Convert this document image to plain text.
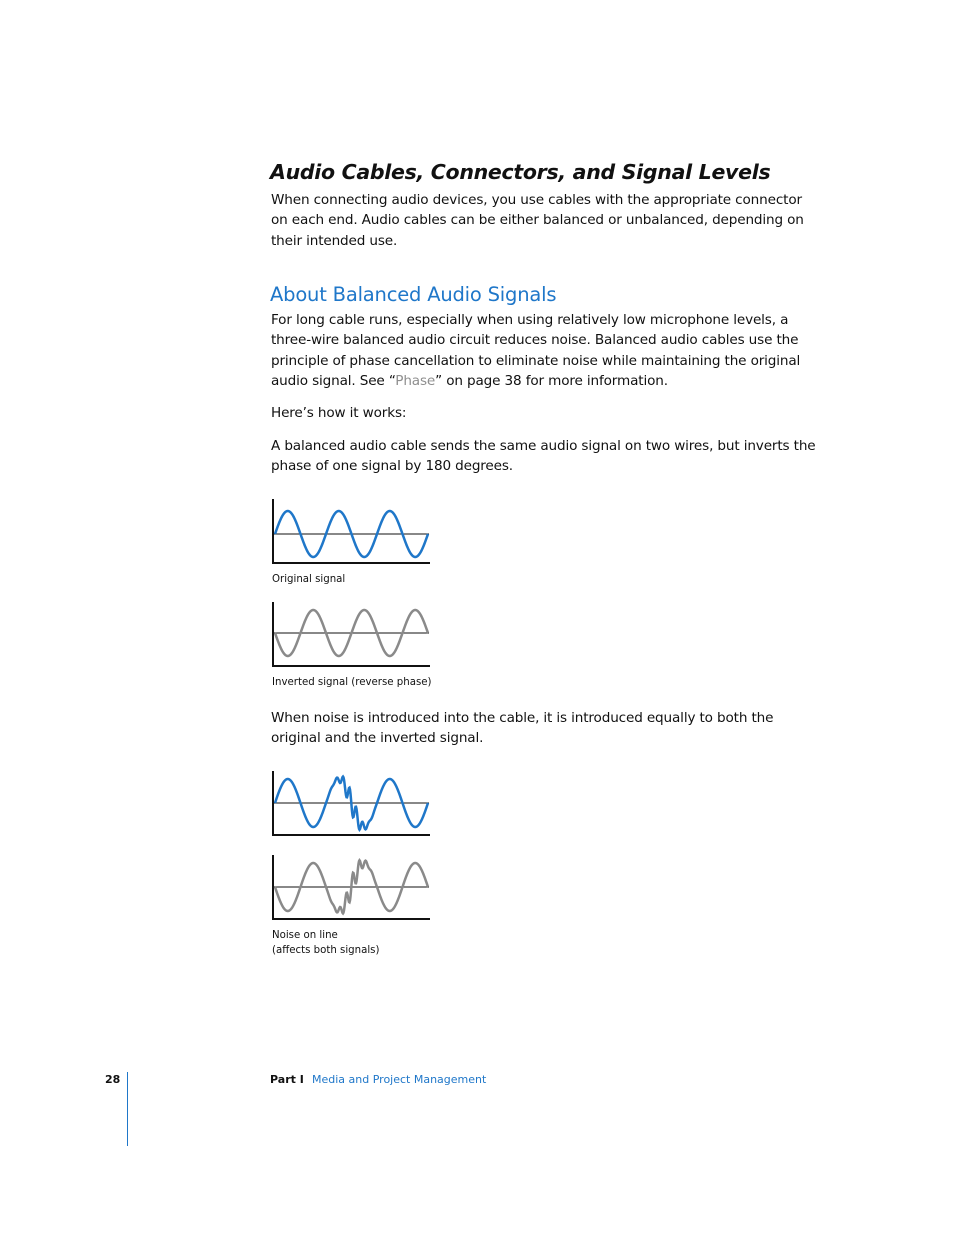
Audio Cables, Connectors, and Signal Levels

When connecting audio devices, you use cables with the appropriate connector on each end. Audio cables can be either balanced or unbalanced, depending on their intended use.

About Balanced Audio Signals

For long cable runs, especially when using relatively low microphone levels, a three-wire balanced audio circuit reduces noise. Balanced audio cables use the principle of phase cancellation to eliminate noise while maintaining the original audio signal. See “Phase” on page 38 for more information.

Here’s how it works:

A balanced audio cable sends the same audio signal on two wires, but inverts the phase of one signal by 180 degrees.

Original signal
Inverted signal (reverse phase)

When noise is introduced into the cable, it is introduced equally to both the original and the inverted signal.

Noise on line
(affects both signals)
28	Part I Media and Project Management
